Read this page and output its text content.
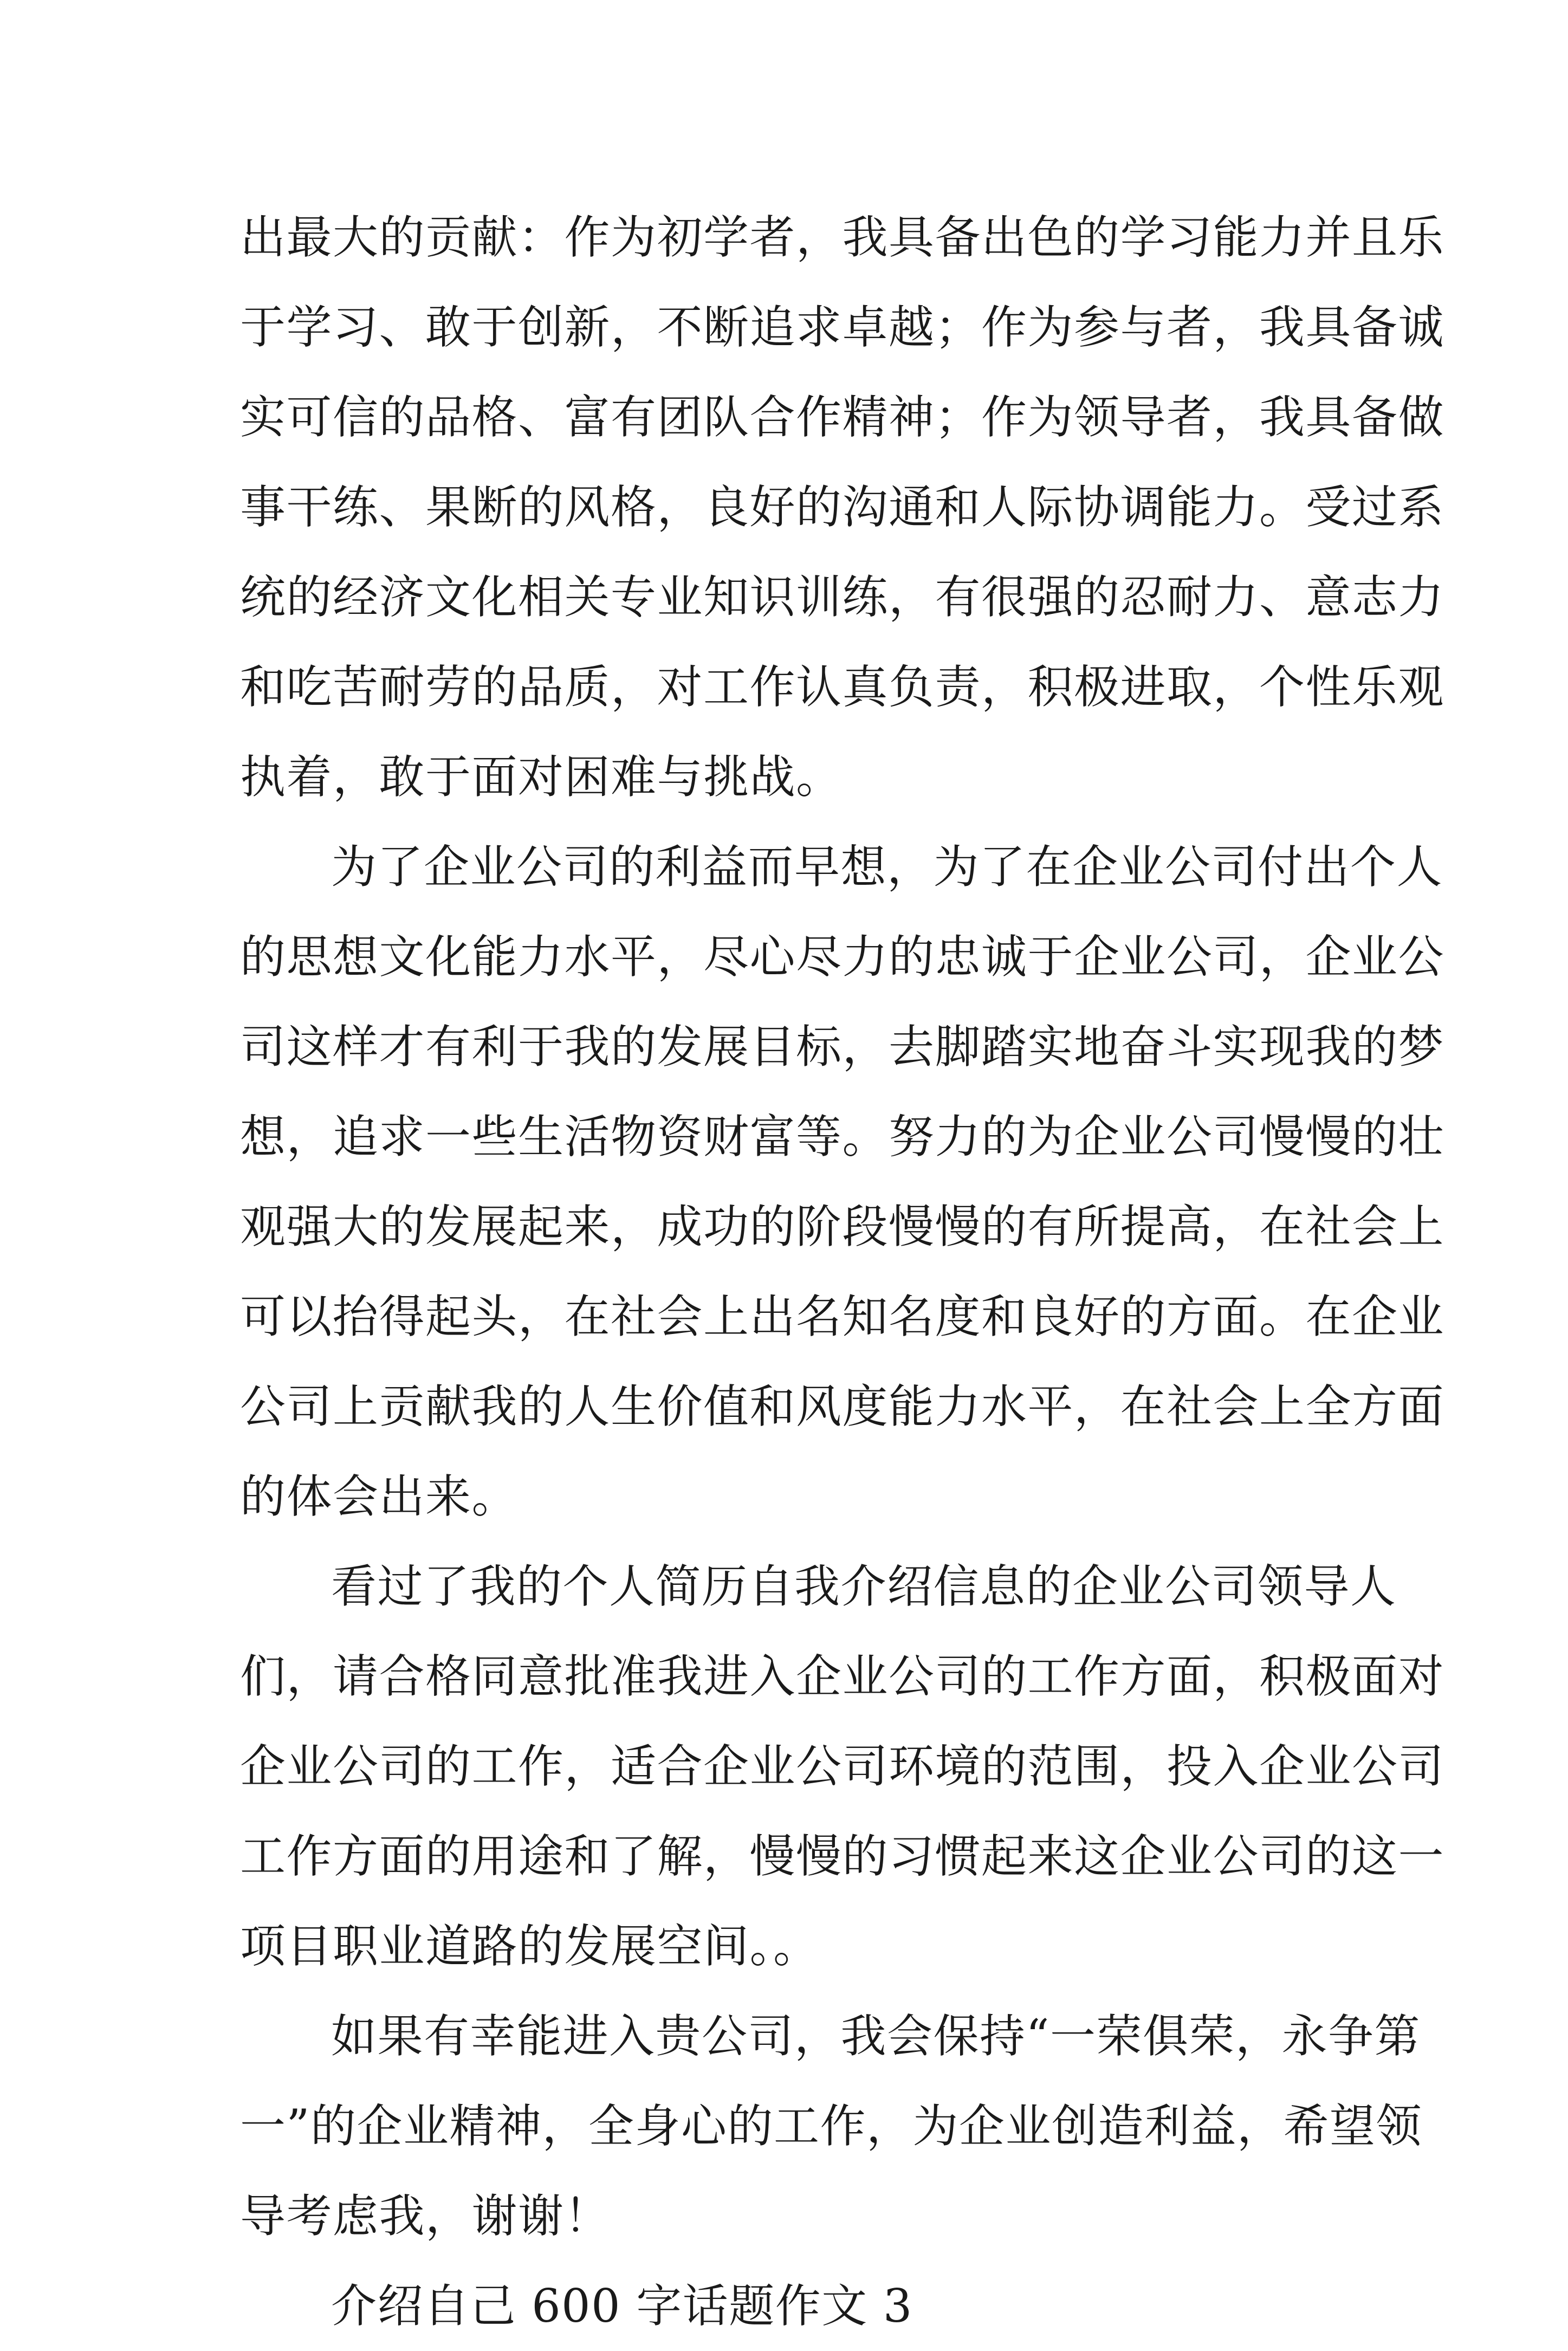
出最大的贡献：作为初学者，我具备出色的学习能力并且乐
于学习、敢于创新，不断追求卓越；作为参与者，我具备诚
实可信的品格、富有团队合作精神；作为领导者，我具备做
事干练、果断的风格，良好的沟通和人际协调能力。受过系
统的经济文化相关专业知识训练，有很强的忍耐力、意志力
和吃苦耐劳的品质，对工作认真负责，积极进取，个性乐观
执着，敢于面对困难与挑战。
为了企业公司的利益而早想，为了在企业公司付出个人
的思想文化能力水平，尽心尽力的忠诚于企业公司，企业公
司这样才有利于我的发展目标，去脚踏实地奋斗实现我的梦
想，追求一些生活物资财富等。努力的为企业公司慢慢的壮
观强大的发展起来，成功的阶段慢慢的有所提高，在社会上
可以抬得起头，在社会上出名知名度和良好的方面。在企业
公司上贡献我的人生价值和风度能力水平，在社会上全方面
的体会出来。
看过了我的个人简历自我介绍信息的企业公司领导人
们，请合格同意批准我进入企业公司的工作方面，积极面对
企业公司的工作，适合企业公司环境的范围，投入企业公司
工作方面的用途和了解，慢慢的习惯起来这企业公司的这一
项目职业道路的发展空间。。
如果有幸能进入贵公司，我会保持“一荣俱荣，永争第
一”的企业精神，全身心的工作，为企业创造利益，希望领
导考虑我，谢谢！
介绍自己 600 字话题作文 3
